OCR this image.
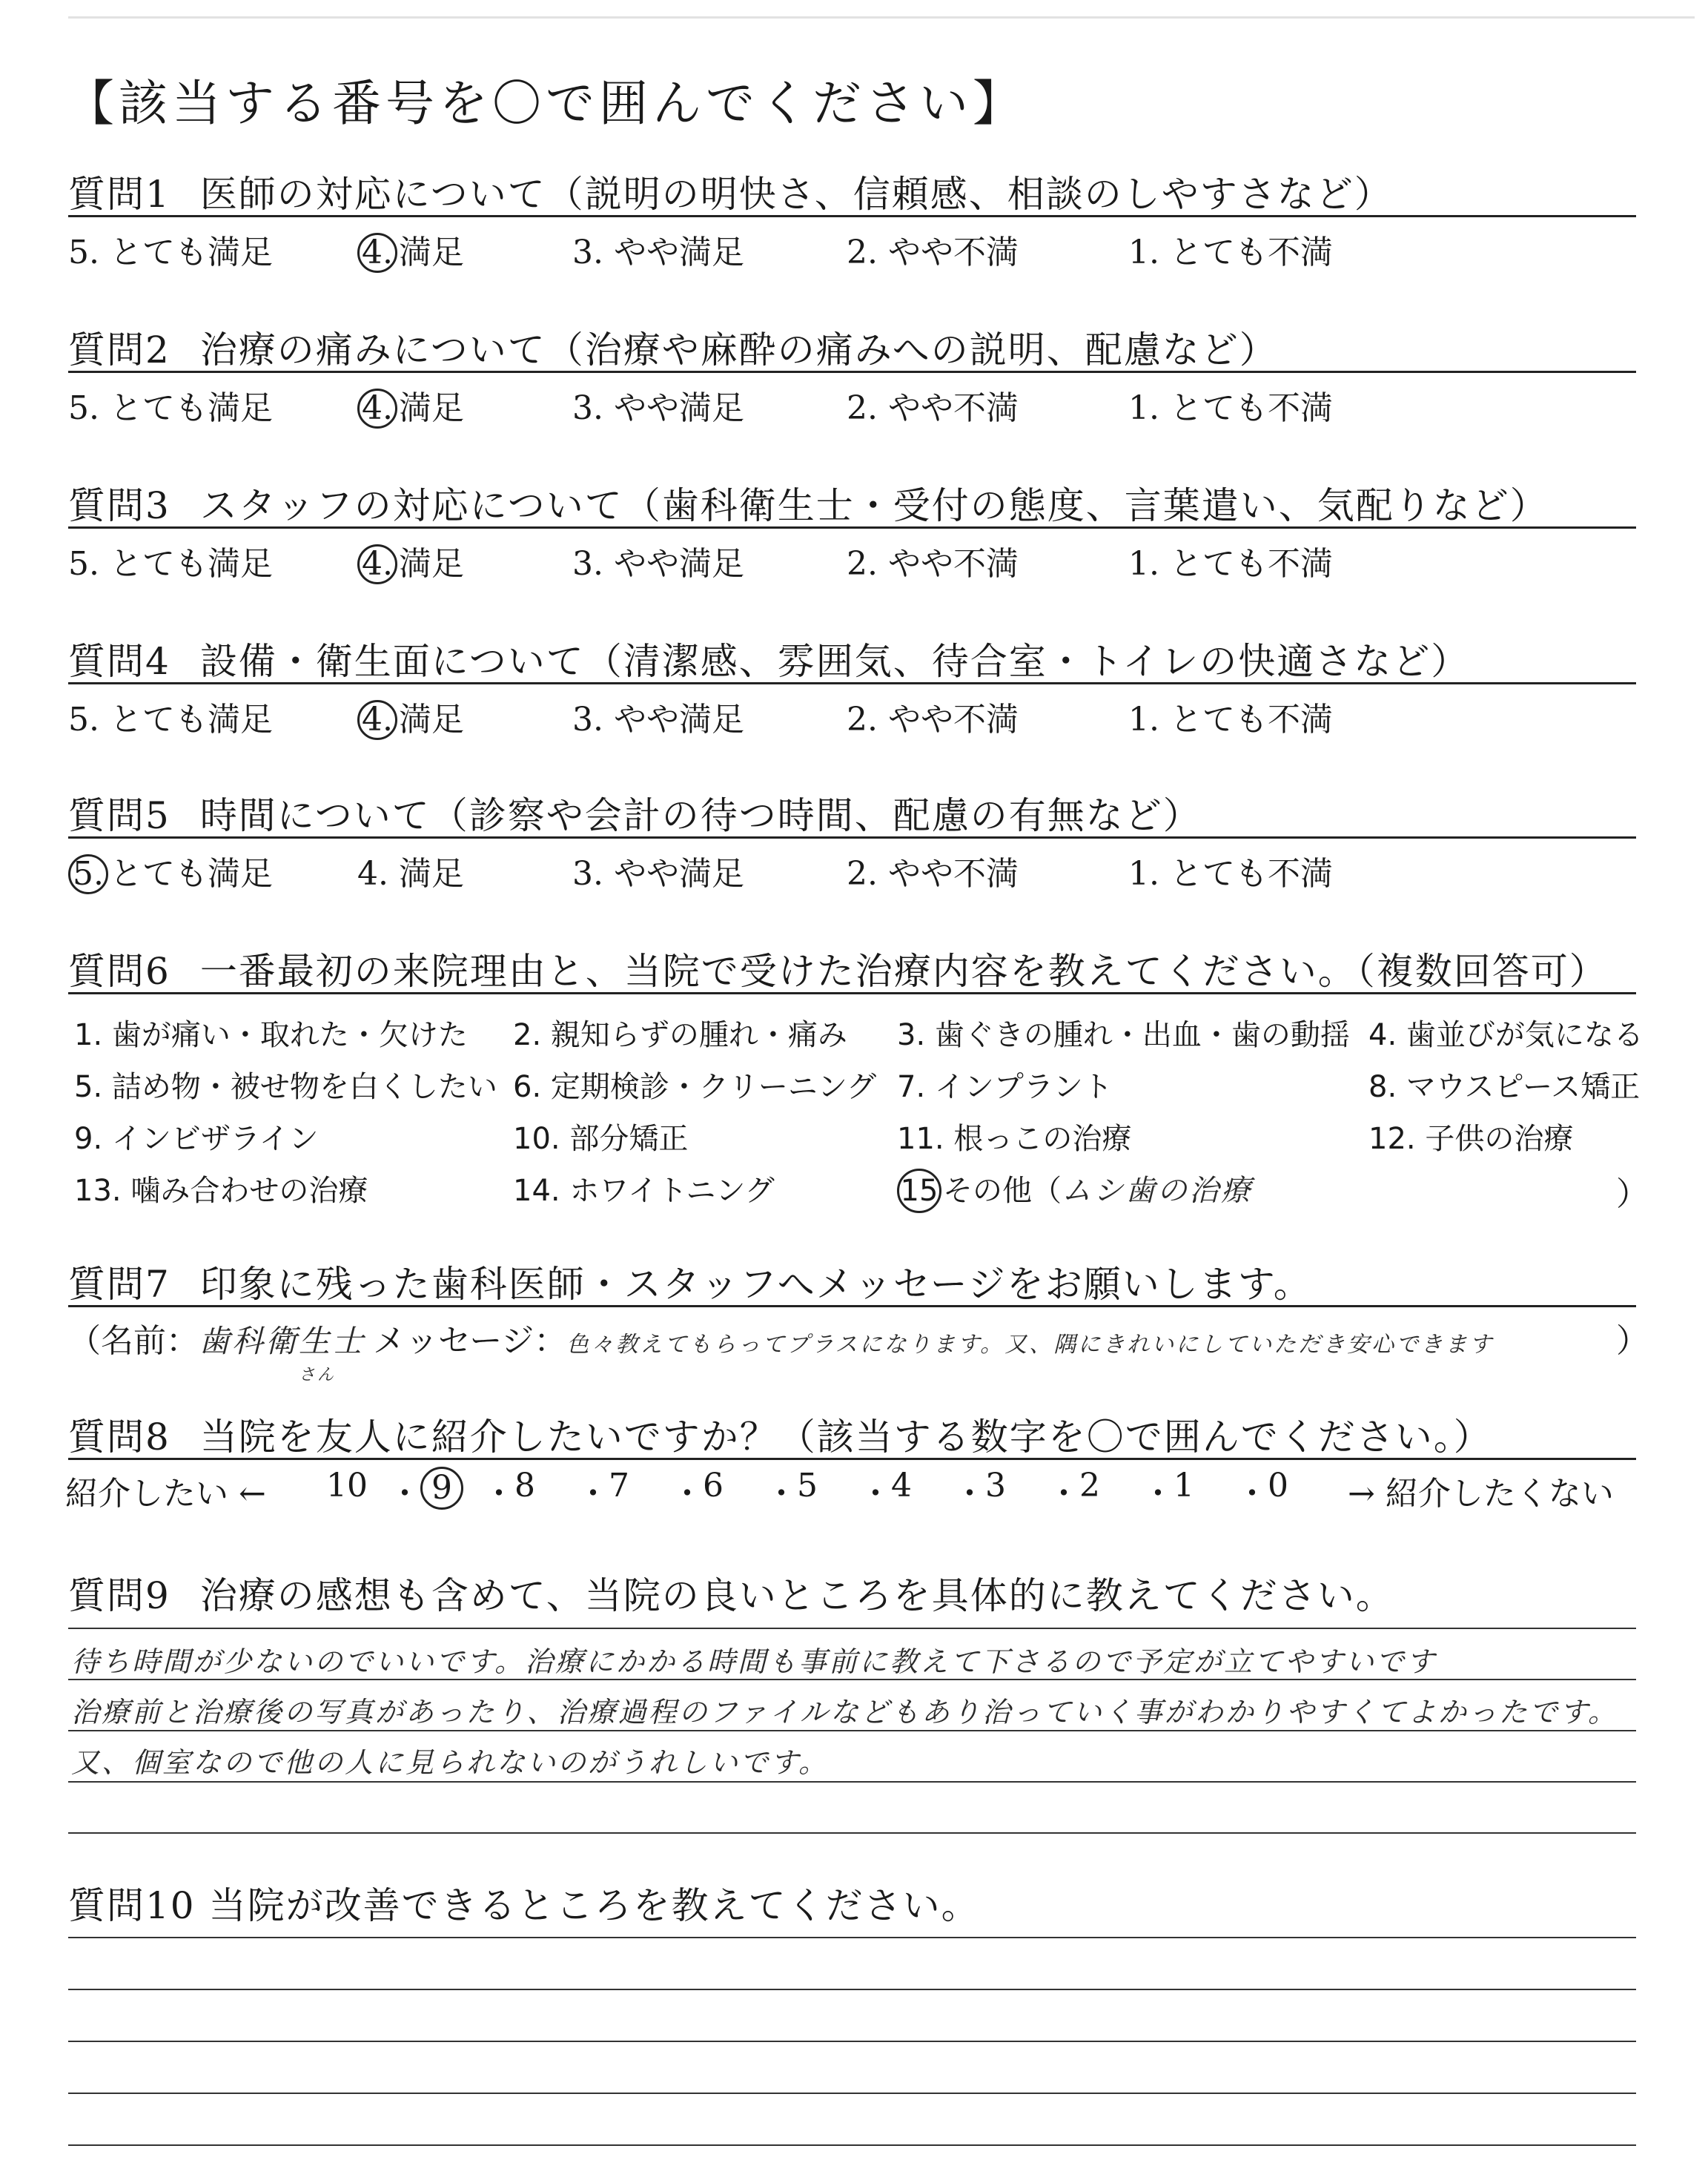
【該当する番号を〇で囲んでください】
質問1 医師の対応について（説明の明快さ、信頼感、相談のしやすさなど）
5. とても満足	4. 満足	3. やや満足	2. やや不満	1. とても不満
質問2 治療の痛みについて（治療や麻酔の痛みへの説明、配慮など）
5. とても満足	4. 満足	3. やや満足	2. やや不満	1. とても不満
質問3 スタッフの対応について（歯科衛生士・受付の態度、言葉遣い、気配りなど）
5. とても満足	4. 満足	3. やや満足	2. やや不満	1. とても不満
質問4 設備・衛生面について（清潔感、雰囲気、待合室・トイレの快適さなど）
5. とても満足	4. 満足	3. やや満足	2. やや不満	1. とても不満
質問5 時間について（診察や会計の待つ時間、配慮の有無など）
5. とても満足	4. 満足	3. やや満足	2. やや不満	1. とても不満
質問6 一番最初の来院理由と、当院で受けた治療内容を教えてください。（複数回答可）
1. 歯が痛い・取れた・欠けた 2. 親知らずの腫れ・痛み 3. 歯ぐきの腫れ・出血・歯の動揺 4. 歯並びが気になる
5. 詰め物・被せ物を白くしたい 6. 定期検診・クリーニング 7. インプラント	8. マウスピース矯正
9. インビザライン	10. 部分矯正	11. 根っこの治療	12. 子供の治療
13. 噛み合わせの治療	14. ホワイトニング	15 その他（ムシ歯の治療	）
質問7 印象に残った歯科医師・スタッフへメッセージをお願いします。
（名前：歯科衛生士$_{さん}$メッセージ：色々教えてもらってプラスになります。又、隅にきれいにしていただき安心できます	）
質問8 当院を友人に紹介したいですか？（該当する数字を〇で囲んでください。）
紹介したい ← 10 ・ 9 ・ 8 ・ 7 ・ 6 ・ 5 ・ 4 ・ 3 ・ 2 ・ 1 ・ 0 → 紹介したくない
質問9 治療の感想も含めて、当院の良いところを具体的に教えてください。
待ち時間が少ないのでいいです。治療にかかる時間も事前に教えて下さるので予定が立てやすいです
治療前と治療後の写真があったり、治療過程のファイルなどもあり治っていく事がわかりやすくてよかったです。
又、個室なので他の人に見られないのがうれしいです。
質問10 当院が改善できるところを教えてください。
